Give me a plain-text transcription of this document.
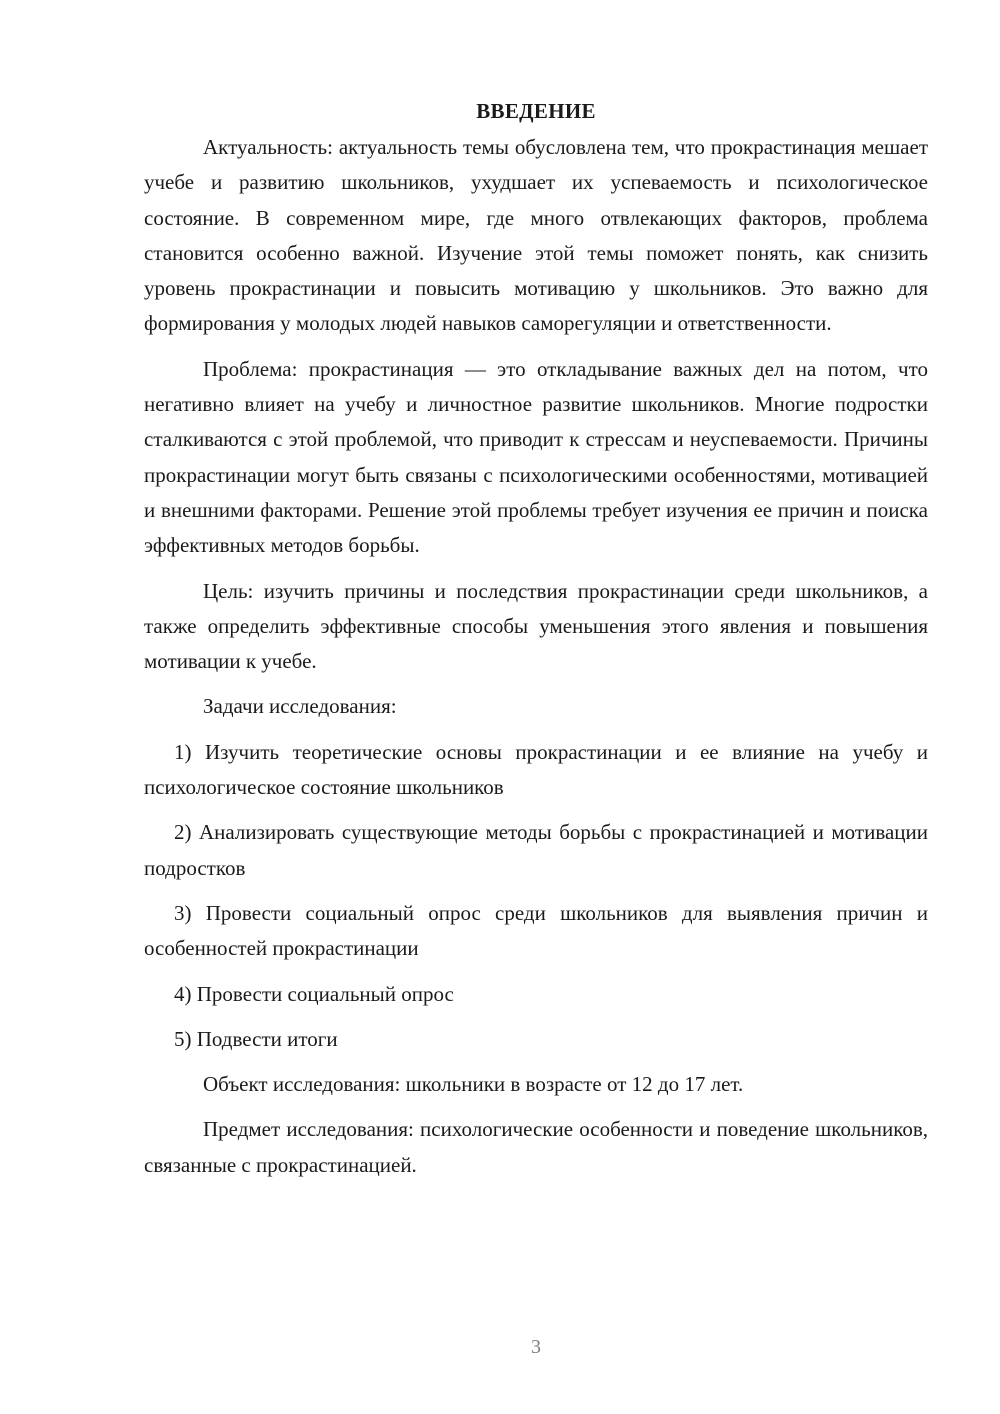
ВВЕДЕНИЕ

Актуальность: актуальность темы обусловлена тем, что прокрастинация мешает учебе и развитию школьников, ухудшает их успеваемость и психологическое состояние. В современном мире, где много отвлекающих факторов, проблема становится особенно важной. Изучение этой темы поможет понять, как снизить уровень прокрастинации и повысить мотивацию у школьников. Это важно для формирования у молодых людей навыков саморегуляции и ответственности.

Проблема: прокрастинация — это откладывание важных дел на потом, что негативно влияет на учебу и личностное развитие школьников. Многие подростки сталкиваются с этой проблемой, что приводит к стрессам и неуспеваемости. Причины прокрастинации могут быть связаны с психологическими особенностями, мотивацией и внешними факторами. Решение этой проблемы требует изучения ее причин и поиска эффективных методов борьбы.

Цель: изучить причины и последствия прокрастинации среди школьников, а также определить эффективные способы уменьшения этого явления и повышения мотивации к учебе.

Задачи исследования:

1) Изучить теоретические основы прокрастинации и ее влияние на учебу и психологическое состояние школьников

2) Анализировать существующие методы борьбы с прокрастинацией и мотивации подростков

3) Провести социальный опрос среди школьников для выявления причин и особенностей прокрастинации

4) Провести социальный опрос

5) Подвести итоги

Объект исследования: школьники в возрасте от 12 до 17 лет.

Предмет исследования: психологические особенности и поведение школьников, связанные с прокрастинацией.

3
